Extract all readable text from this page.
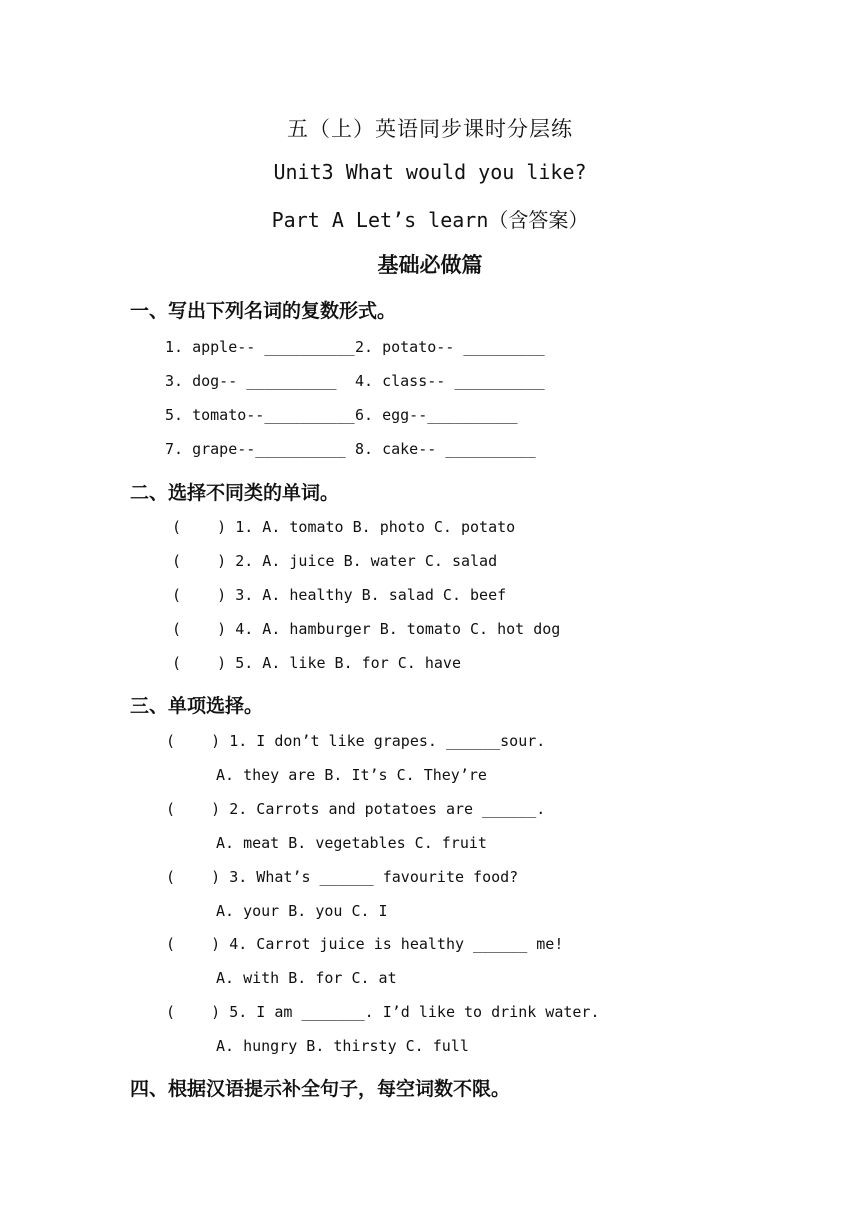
五（上）英语同步课时分层练
Unit3 What would you like?
Part A Let’s learn（含答案）
基础必做篇
一、写出下列名词的复数形式。
1. apple-- __________ 2. potato-- _________
3. dog-- __________ 4. class-- __________
5. tomato--__________ 6. egg--__________
7. grape--__________ 8. cake-- __________
二、选择不同类的单词。
(    ) 1. A. tomato B. photo C. potato
(    ) 2. A. juice B. water C. salad
(    ) 3. A. healthy B. salad C. beef
(    ) 4. A. hamburger B. tomato C. hot dog
(    ) 5. A. like B. for C. have
三、单项选择。
(    ) 1. I don’t like grapes. ______sour.
A. they are B. It’s C. They’re
(    ) 2. Carrots and potatoes are ______.
A. meat B. vegetables C. fruit
(    ) 3. What’s ______ favourite food?
A. your B. you C. I
(    ) 4. Carrot juice is healthy ______ me!
A. with B. for C. at
(    ) 5. I am _______. I’d like to drink water.
A. hungry B. thirsty C. full
四、根据汉语提示补全句子，每空词数不限。
